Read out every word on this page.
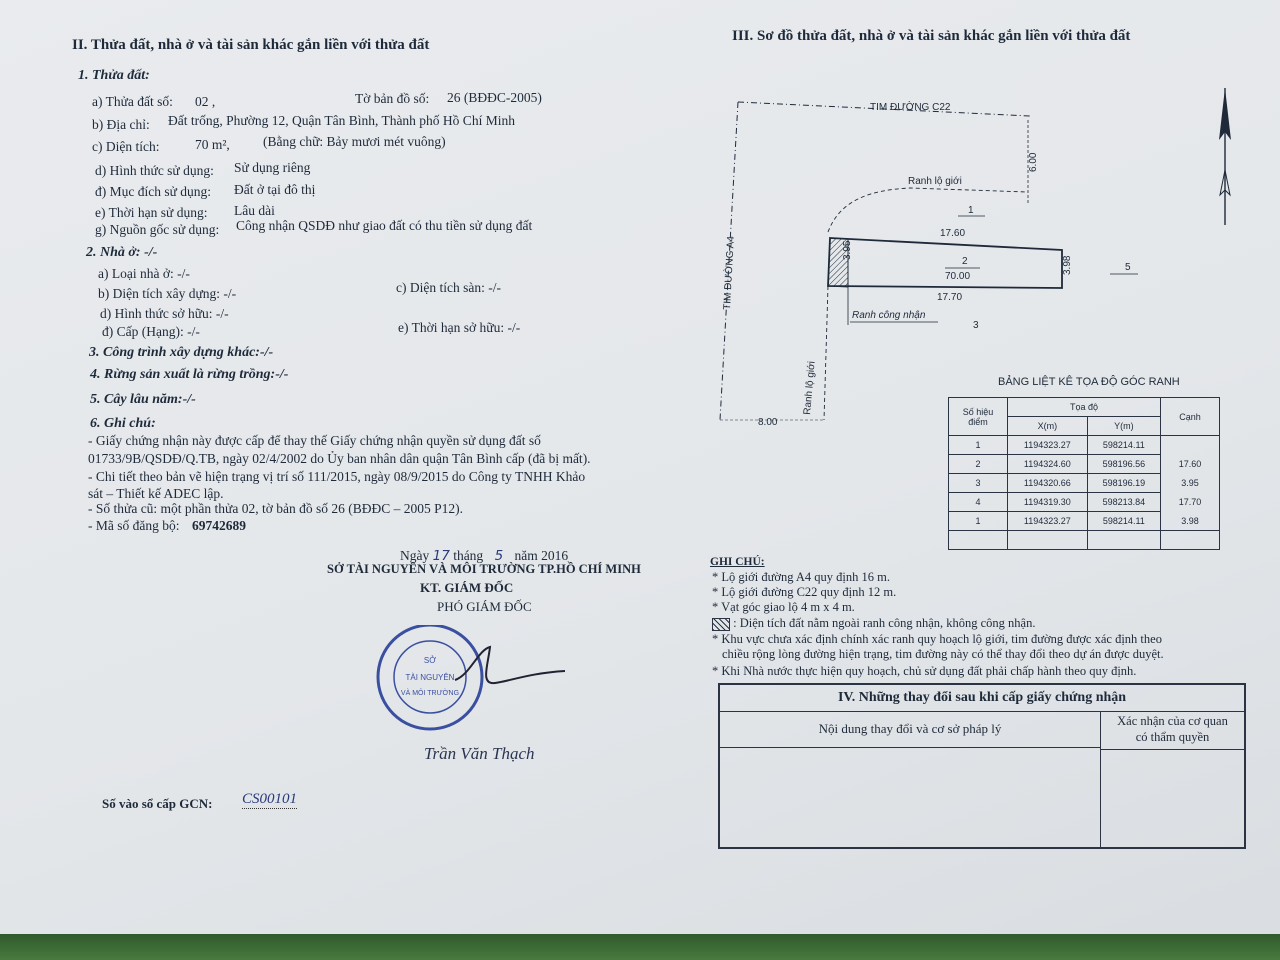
II. Thửa đất, nhà ở và tài sản khác gắn liền với thửa đất
1. Thửa đất:
a) Thửa đất số: 02 ,	Tờ bản đồ số: 26 (BĐĐC-2005)
b) Địa chỉ: Đất trống, Phường 12, Quận Tân Bình, Thành phố Hồ Chí Minh
c) Diện tích:	70 m², (Bằng chữ: Bảy mươi mét vuông)
d) Hình thức sử dụng: Sử dụng riêng
đ) Mục đích sử dụng: Đất ở tại đô thị
e) Thời hạn sử dụng: Lâu dài
g) Nguồn gốc sử dụng: Công nhận QSDĐ như giao đất có thu tiền sử dụng đất
2. Nhà ở: -/-
a) Loại nhà ở: -/-
b) Diện tích xây dựng: -/-	c) Diện tích sàn: -/-
d) Hình thức sở hữu: -/-
đ) Cấp (Hạng): -/-	e) Thời hạn sở hữu: -/-
3. Công trình xây dựng khác:-/-
4. Rừng sản xuất là rừng trồng:-/-
5. Cây lâu năm:-/-
6. Ghi chú:
- Giấy chứng nhận này được cấp để thay thế Giấy chứng nhận quyền sử dụng đất số
01733/9B/QSDĐ/Q.TB, ngày 02/4/2002 do Ủy ban nhân dân quận Tân Bình cấp (đã bị mất).
- Chi tiết theo bản vẽ hiện trạng vị trí số 111/2015, ngày 08/9/2015 do Công ty TNHH Khảo
sát – Thiết kế ADEC lập.
- Số thửa cũ: một phần thửa 02, tờ bản đồ số 26 (BĐĐC – 2005 P12).
- Mã số đăng bộ: 69742689
Ngày 17 tháng 5 năm 2016
SỞ TÀI NGUYÊN VÀ MÔI TRƯỜNG TP.HỒ CHÍ MINH
KT. GIÁM ĐỐC
PHÓ GIÁM ĐỐC
SỞ
TÀI NGUYÊN
VÀ MÔI TRƯỜNG
Trần Văn Thạch
Số vào sổ cấp GCN: CS00101
III. Sơ đồ thửa đất, nhà ở và tài sản khác gắn liền với thửa đất
TIM ĐƯỜNG C22
TIM ĐƯỜNG A4
6.00
Ranh lộ giới
1
3.95
2
70.00
17.60
17.70
3.98	5
Ranh công nhận
3
Ranh lộ giới
8.00
BẢNG LIỆT KÊ TỌA ĐỘ GÓC RANH
Số hiệu điểm	Tọa độ		Cạnh
	X(m)	Y(m)	
1	1194323.27	598214.11	
2	1194324.60	598196.56	17.60
3	1194320.66	598196.19	3.95
4	1194319.30	598213.84	17.70
1	1194323.27	598214.11	3.98

GHI CHÚ:
* Lộ giới đường A4 quy định 16 m.
* Lộ giới đường C22 quy định 12 m.
* Vạt góc giao lộ 4 m x 4 m.
: Diện tích đất nằm ngoài ranh công nhận, không công nhận.
* Khu vực chưa xác định chính xác ranh quy hoạch lộ giới, tim đường được xác định theo
chiều rộng lòng đường hiện trạng, tim đường này có thể thay đổi theo dự án được duyệt.
* Khi Nhà nước thực hiện quy hoạch, chủ sử dụng đất phải chấp hành theo quy định.
IV. Những thay đổi sau khi cấp giấy chứng nhận
Nội dung thay đổi và cơ sở pháp lý	Xác nhận của cơ quan
có thẩm quyền
